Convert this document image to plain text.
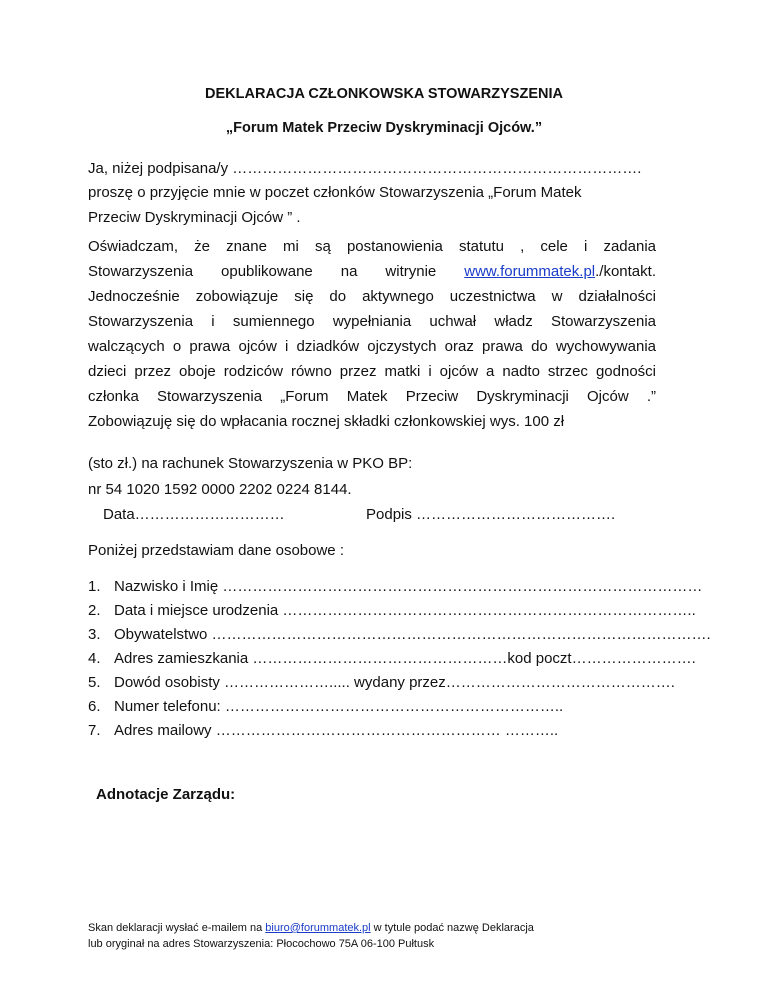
DEKLARACJA CZŁONKOWSKA STOWARZYSZENIA
„Forum Matek Przeciw Dyskryminacji Ojców.”
Ja, niżej podpisana/y ……………………………………………………………………….
proszę o przyjęcie mnie w poczet członków Stowarzyszenia „Forum Matek
Przeciw Dyskryminacji Ojców ” .
Oświadczam, że znane mi są postanowienia statutu , cele i zadania
Stowarzyszenia opublikowane na witrynie www.forummatek.pl./kontakt.
Jednocześnie zobowiązuje się do aktywnego uczestnictwa w działalności
Stowarzyszenia i sumiennego wypełniania uchwał władz Stowarzyszenia
walczących o prawa ojców i dziadków ojczystych oraz prawa do wychowywania
dzieci przez oboje rodziców równo przez matki i ojców a nadto strzec godności
członka Stowarzyszenia „Forum Matek Przeciw Dyskryminacji Ojców .”
Zobowiązuję się do wpłacania rocznej składki członkowskiej wys. 100 zł
(sto zł.) na rachunek Stowarzyszenia w PKO BP:
nr 54 1020 1592 0000 2202 0224 8144.
Data…………………………	Podpis ………………………………….
Poniżej przedstawiam dane osobowe :
1. Nazwisko i Imię ……………………………………………………………………………………
2. Data i miejsce urodzenia ………………………………………………………………………..
3. Obywatelstwo ……………………………………………………………………………………….
4. Adres zamieszkania ……………………………………………kod poczt…………………….
5. Dowód osobisty …………………..... wydany przez……………………………………….
6. Numer telefonu: …………………………………………………………..
7. Adres mailowy ………………………………………………… ………..
Adnotacje Zarządu:
Skan deklaracji wysłać e-mailem na biuro@forummatek.pl w tytule podać nazwę Deklaracja
lub oryginał na adres Stowarzyszenia: Płocochowo 75A 06-100 Pułtusk
